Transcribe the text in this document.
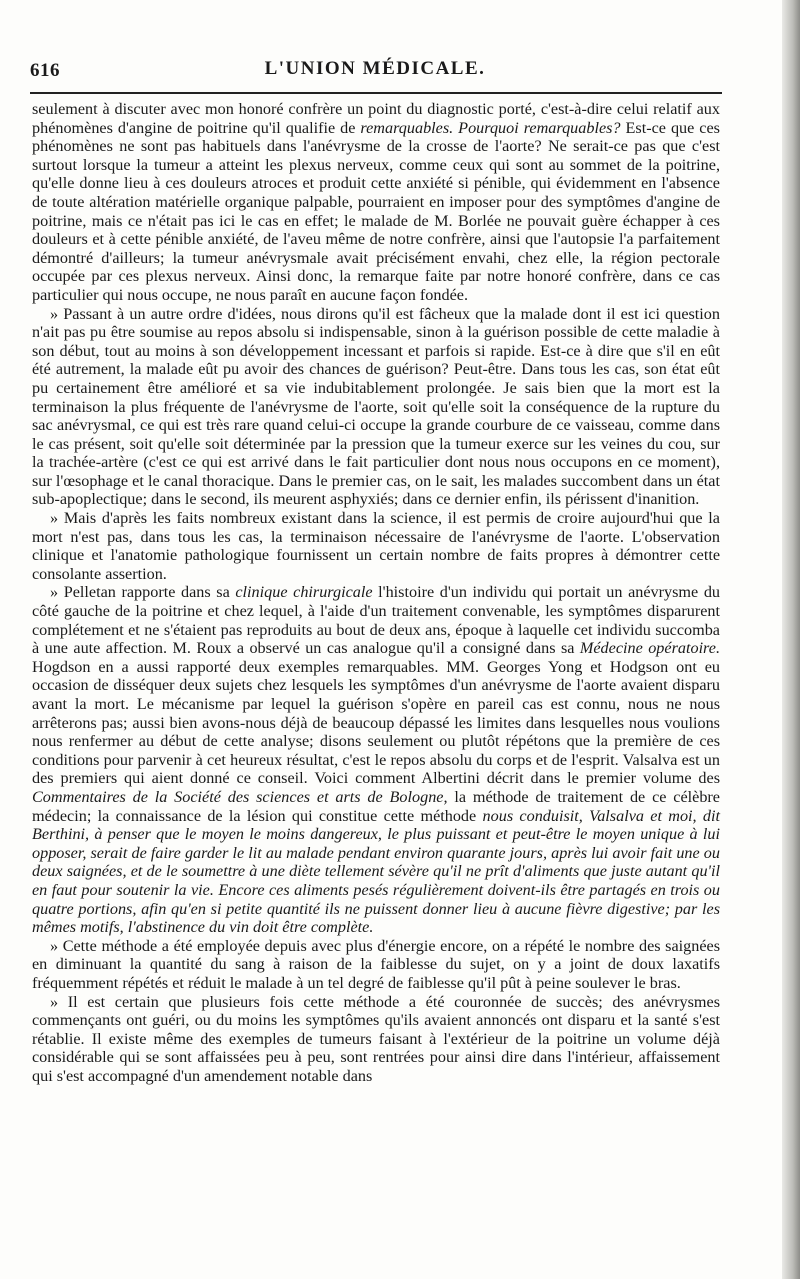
616	L'UNION MÉDICALE.

seulement à discuter avec mon honoré confrère un point du diagnostic porté, c'est-à-dire celui relatif aux phénomènes d'angine de poitrine qu'il qualifie de remarquables. Pourquoi remarquables? Est-ce que ces phénomènes ne sont pas habituels dans l'anévrysme de la crosse de l'aorte? Ne serait-ce pas que c'est surtout lorsque la tumeur a atteint les plexus nerveux, comme ceux qui sont au sommet de la poitrine, qu'elle donne lieu à ces douleurs atroces et produit cette anxiété si pénible, qui évidemment en l'absence de toute altération matérielle organique palpable, pourraient en imposer pour des symptômes d'angine de poitrine, mais ce n'était pas ici le cas en effet; le malade de M. Borlée ne pouvait guère échapper à ces douleurs et à cette pénible anxiété, de l'aveu même de notre confrère, ainsi que l'autopsie l'a parfaitement démontré d'ailleurs; la tumeur anévrysmale avait précisément envahi, chez elle, la région pectorale occupée par ces plexus nerveux. Ainsi donc, la remarque faite par notre honoré confrère, dans ce cas particulier qui nous occupe, ne nous paraît en aucune façon fondée.

» Passant à un autre ordre d'idées, nous dirons qu'il est fâcheux que la malade dont il est ici question n'ait pas pu être soumise au repos absolu si indispensable, sinon à la guérison possible de cette maladie à son début, tout au moins à son développement incessant et parfois si rapide. Est-ce à dire que s'il en eût été autrement, la malade eût pu avoir des chances de guérison? Peut-être. Dans tous les cas, son état eût pu certainement être amélioré et sa vie indubitablement prolongée. Je sais bien que la mort est la terminaison la plus fréquente de l'anévrysme de l'aorte, soit qu'elle soit la conséquence de la rupture du sac anévrysmal, ce qui est très rare quand celui-ci occupe la grande courbure de ce vaisseau, comme dans le cas présent, soit qu'elle soit déterminée par la pression que la tumeur exerce sur les veines du cou, sur la trachée-artère (c'est ce qui est arrivé dans le fait particulier dont nous nous occupons en ce moment), sur l'œsophage et le canal thoracique. Dans le premier cas, on le sait, les malades succombent dans un état sub-apoplectique; dans le second, ils meurent asphyxiés; dans ce dernier enfin, ils périssent d'inanition.

» Mais d'après les faits nombreux existant dans la science, il est permis de croire aujourd'hui que la mort n'est pas, dans tous les cas, la terminaison nécessaire de l'anévrysme de l'aorte. L'observation clinique et l'anatomie pathologique fournissent un certain nombre de faits propres à démontrer cette consolante assertion.

» Pelletan rapporte dans sa clinique chirurgicale l'histoire d'un individu qui portait un anévrysme du côté gauche de la poitrine et chez lequel, à l'aide d'un traitement convenable, les symptômes disparurent complétement et ne s'étaient pas reproduits au bout de deux ans, époque à laquelle cet individu succomba à une aute affection. M. Roux a observé un cas analogue qu'il a consigné dans sa Médecine opératoire. Hogdson en a aussi rapporté deux exemples remarquables. MM. Georges Yong et Hodgson ont eu occasion de disséquer deux sujets chez lesquels les symptômes d'un anévrysme de l'aorte avaient disparu avant la mort. Le mécanisme par lequel la guérison s'opère en pareil cas est connu, nous ne nous arrêterons pas; aussi bien avons-nous déjà de beaucoup dépassé les limites dans lesquelles nous voulions nous renfermer au début de cette analyse; disons seulement ou plutôt répétons que la première de ces conditions pour parvenir à cet heureux résultat, c'est le repos absolu du corps et de l'esprit. Valsalva est un des premiers qui aient donné ce conseil. Voici comment Albertini décrit dans le premier volume des Commentaires de la Société des sciences et arts de Bologne, la méthode de traitement de ce célèbre médecin; la connaissance de la lésion qui constitue cette méthode nous conduisit, Valsalva et moi, dit Berthini, à penser que le moyen le moins dangereux, le plus puissant et peut-être le moyen unique à lui opposer, serait de faire garder le lit au malade pendant environ quarante jours, après lui avoir fait une ou deux saignées, et de le soumettre à une diète tellement sévère qu'il ne prît d'aliments que juste autant qu'il en faut pour soutenir la vie. Encore ces aliments pesés régulièrement doivent-ils être partagés en trois ou quatre portions, afin qu'en si petite quantité ils ne puissent donner lieu à aucune fièvre digestive; par les mêmes motifs, l'abstinence du vin doit être complète.

» Cette méthode a été employée depuis avec plus d'énergie encore, on a répété le nombre des saignées en diminuant la quantité du sang à raison de la faiblesse du sujet, on y a joint de doux laxatifs fréquemment répétés et réduit le malade à un tel degré de faiblesse qu'il pût à peine soulever le bras.

» Il est certain que plusieurs fois cette méthode a été couronnée de succès; des anévrysmes commençants ont guéri, ou du moins les symptômes qu'ils avaient annoncés ont disparu et la santé s'est rétablie. Il existe même des exemples de tumeurs faisant à l'extérieur de la poitrine un volume déjà considérable qui se sont affaissées peu à peu, sont rentrées pour ainsi dire dans l'intérieur, affaissement qui s'est accompagné d'un amendement notable dans
